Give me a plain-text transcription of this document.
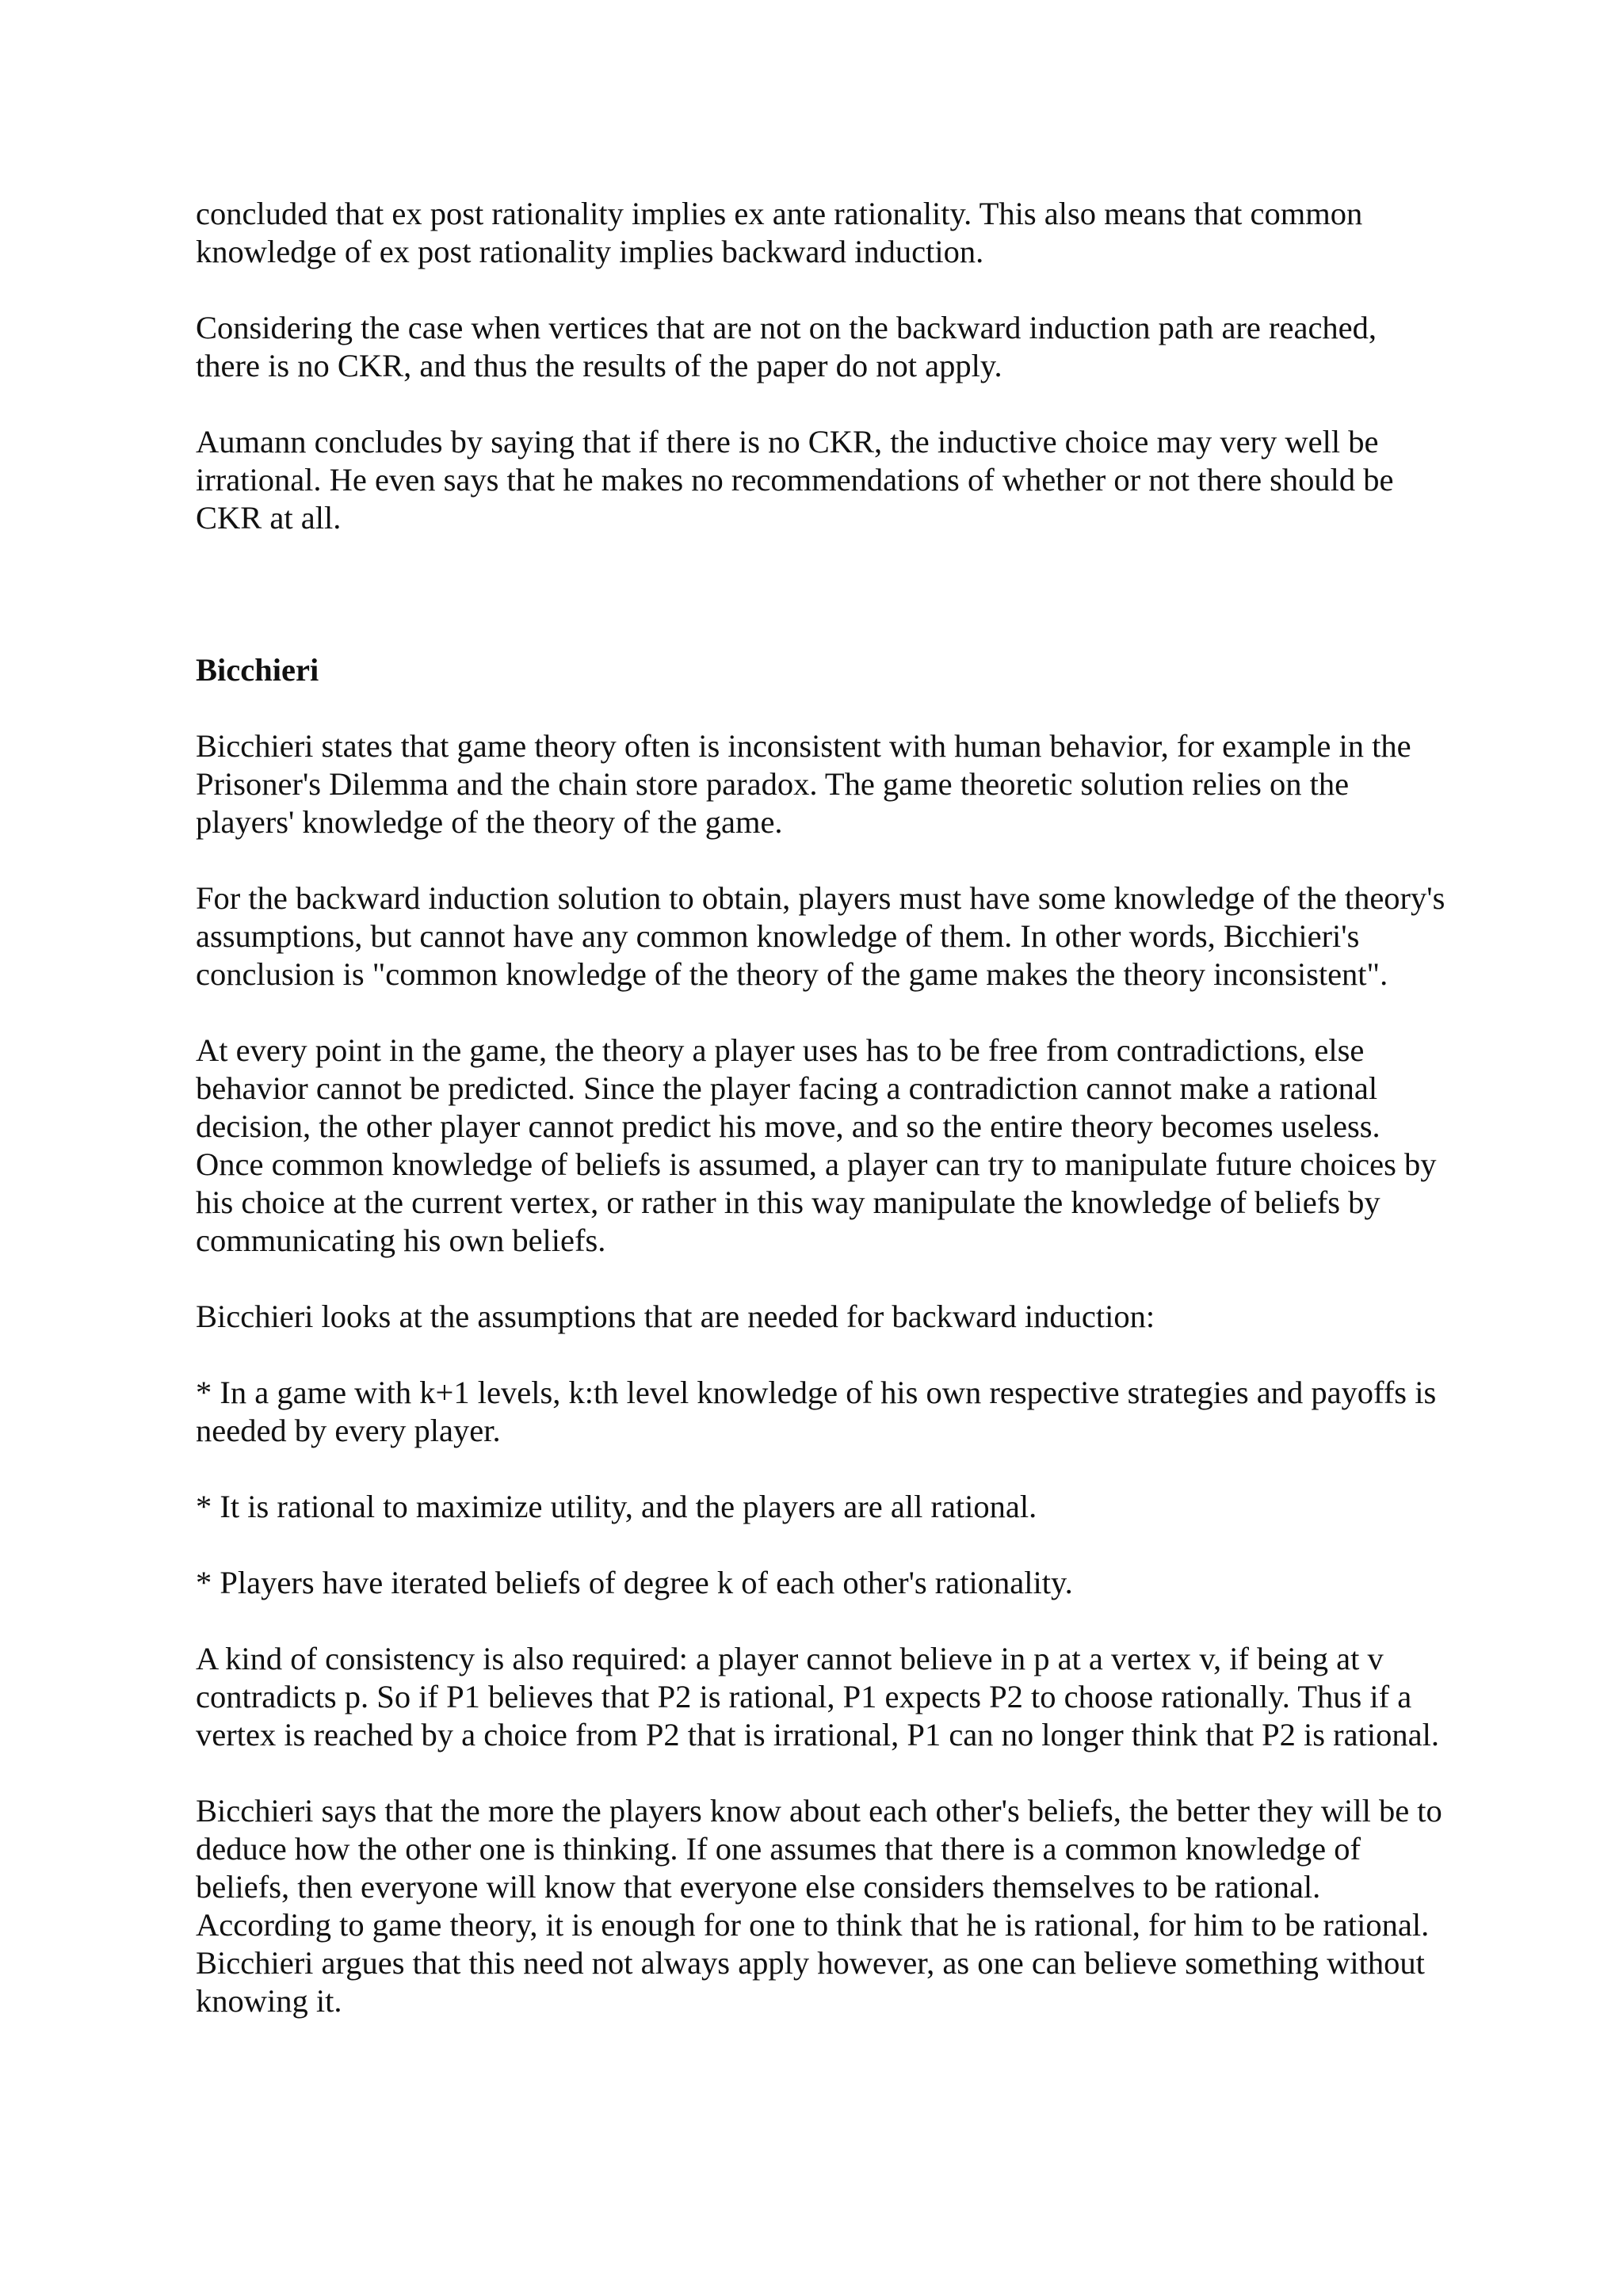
concluded that ex post rationality implies ex ante rationality. This also means that common knowledge of ex post rationality implies backward induction.

Considering the case when vertices that are not on the backward induction path are reached, there is no CKR, and thus the results of the paper do not apply.

Aumann concludes by saying that if there is no CKR, the inductive choice may very well be irrational. He even says that he makes no recommendations of whether or not there should be CKR at all.

Bicchieri

Bicchieri states that game theory often is inconsistent with human behavior, for example in the Prisoner's Dilemma and the chain store paradox. The game theoretic solution relies on the players' knowledge of the theory of the game.

For the backward induction solution to obtain, players must have some knowledge of the theory's assumptions, but cannot have any common knowledge of them. In other words, Bicchieri's conclusion is "common knowledge of the theory of the game makes the theory inconsistent".

At every point in the game, the theory a player uses has to be free from contradictions, else behavior cannot be predicted. Since the player facing a contradiction cannot make a rational decision, the other player cannot predict his move, and so the entire theory becomes useless. Once common knowledge of beliefs is assumed, a player can try to manipulate future choices by his choice at the current vertex, or rather in this way manipulate the knowledge of beliefs by communicating his own beliefs.

Bicchieri looks at the assumptions that are needed for backward induction:

* In a game with k+1 levels, k:th level knowledge of his own respective strategies and payoffs is needed by every player.

* It is rational to maximize utility, and the players are all rational.

* Players have iterated beliefs of degree k of each other's rationality.

A kind of consistency is also required: a player cannot believe in p at a vertex v, if being at v contradicts p. So if P1 believes that P2 is rational, P1 expects P2 to choose rationally. Thus if a vertex is reached by a choice from P2 that is irrational, P1 can no longer think that P2 is rational.

Bicchieri says that the more the players know about each other's beliefs, the better they will be to deduce how the other one is thinking. If one assumes that there is a common knowledge of beliefs, then everyone will know that everyone else considers themselves to be rational. According to game theory, it is enough for one to think that he is rational, for him to be rational. Bicchieri argues that this need not always apply however, as one can believe something without knowing it.
